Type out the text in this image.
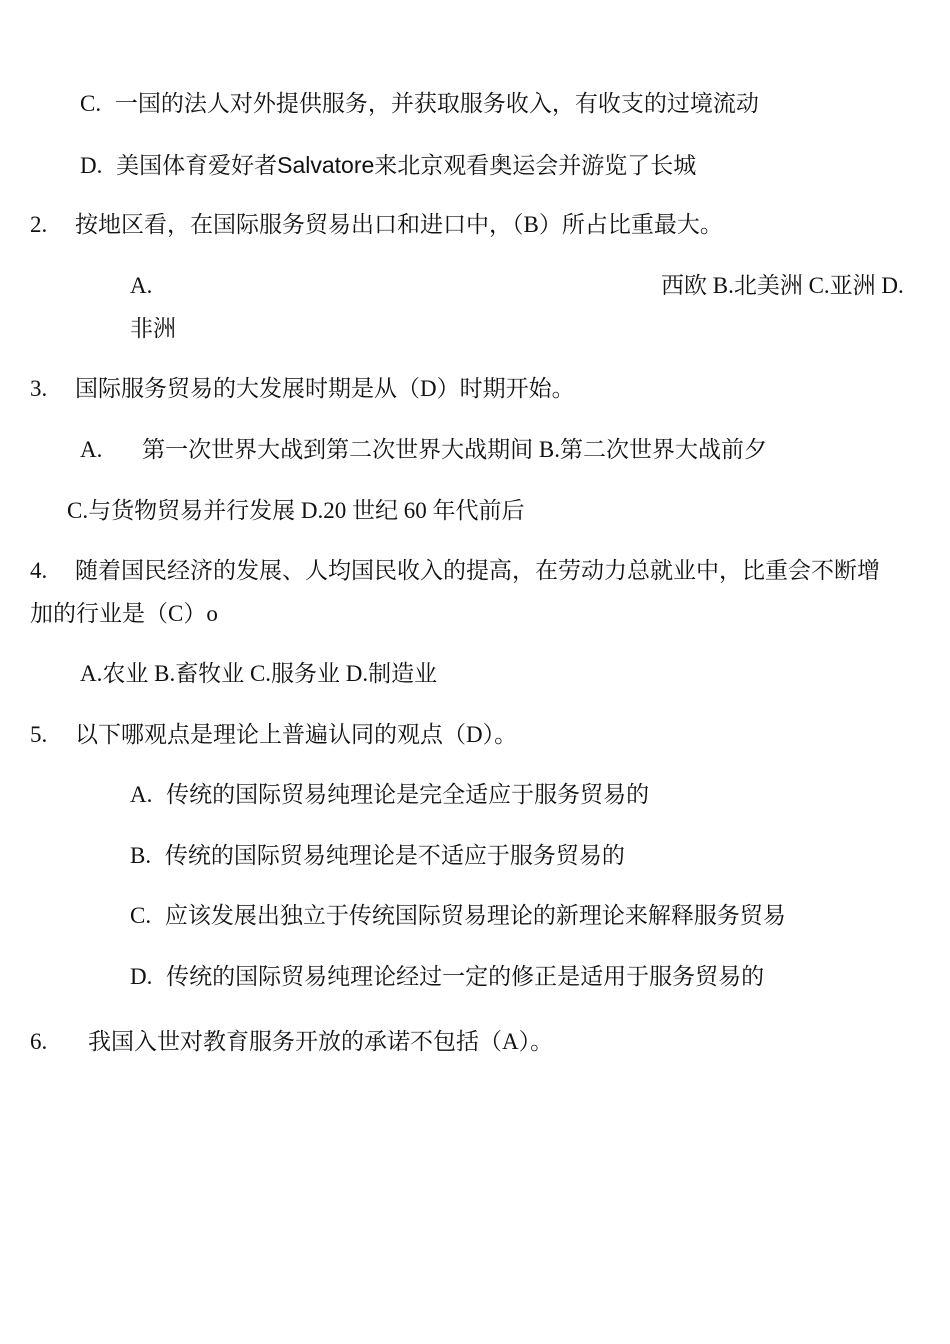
C. 一国的法人对外提供服务，并获取服务收入，有收支的过境流动
D. 美国体育爱好者Salvatore来北京观看奥运会并游览了长城
2. 按地区看，在国际服务贸易出口和进口中，（B）所占比重最大。
A.	西欧 B.北美洲 C.亚洲 D.
非洲
3. 国际服务贸易的大发展时期是从（D）时期开始。
A. 第一次世界大战到第二次世界大战期间 B.第二次世界大战前夕
C.与货物贸易并行发展 D.20 世纪 60 年代前后
4. 随着国民经济的发展、人均国民收入的提高，在劳动力总就业中，比重会不断增
加的行业是（C）o
A.农业 B.畜牧业 C.服务业 D.制造业
5. 以下哪观点是理论上普遍认同的观点（D）。
A. 传统的国际贸易纯理论是完全适应于服务贸易的
B. 传统的国际贸易纯理论是不适应于服务贸易的
C. 应该发展出独立于传统国际贸易理论的新理论来解释服务贸易
D. 传统的国际贸易纯理论经过一定的修正是适用于服务贸易的
6. 我国入世对教育服务开放的承诺不包括（A）。
